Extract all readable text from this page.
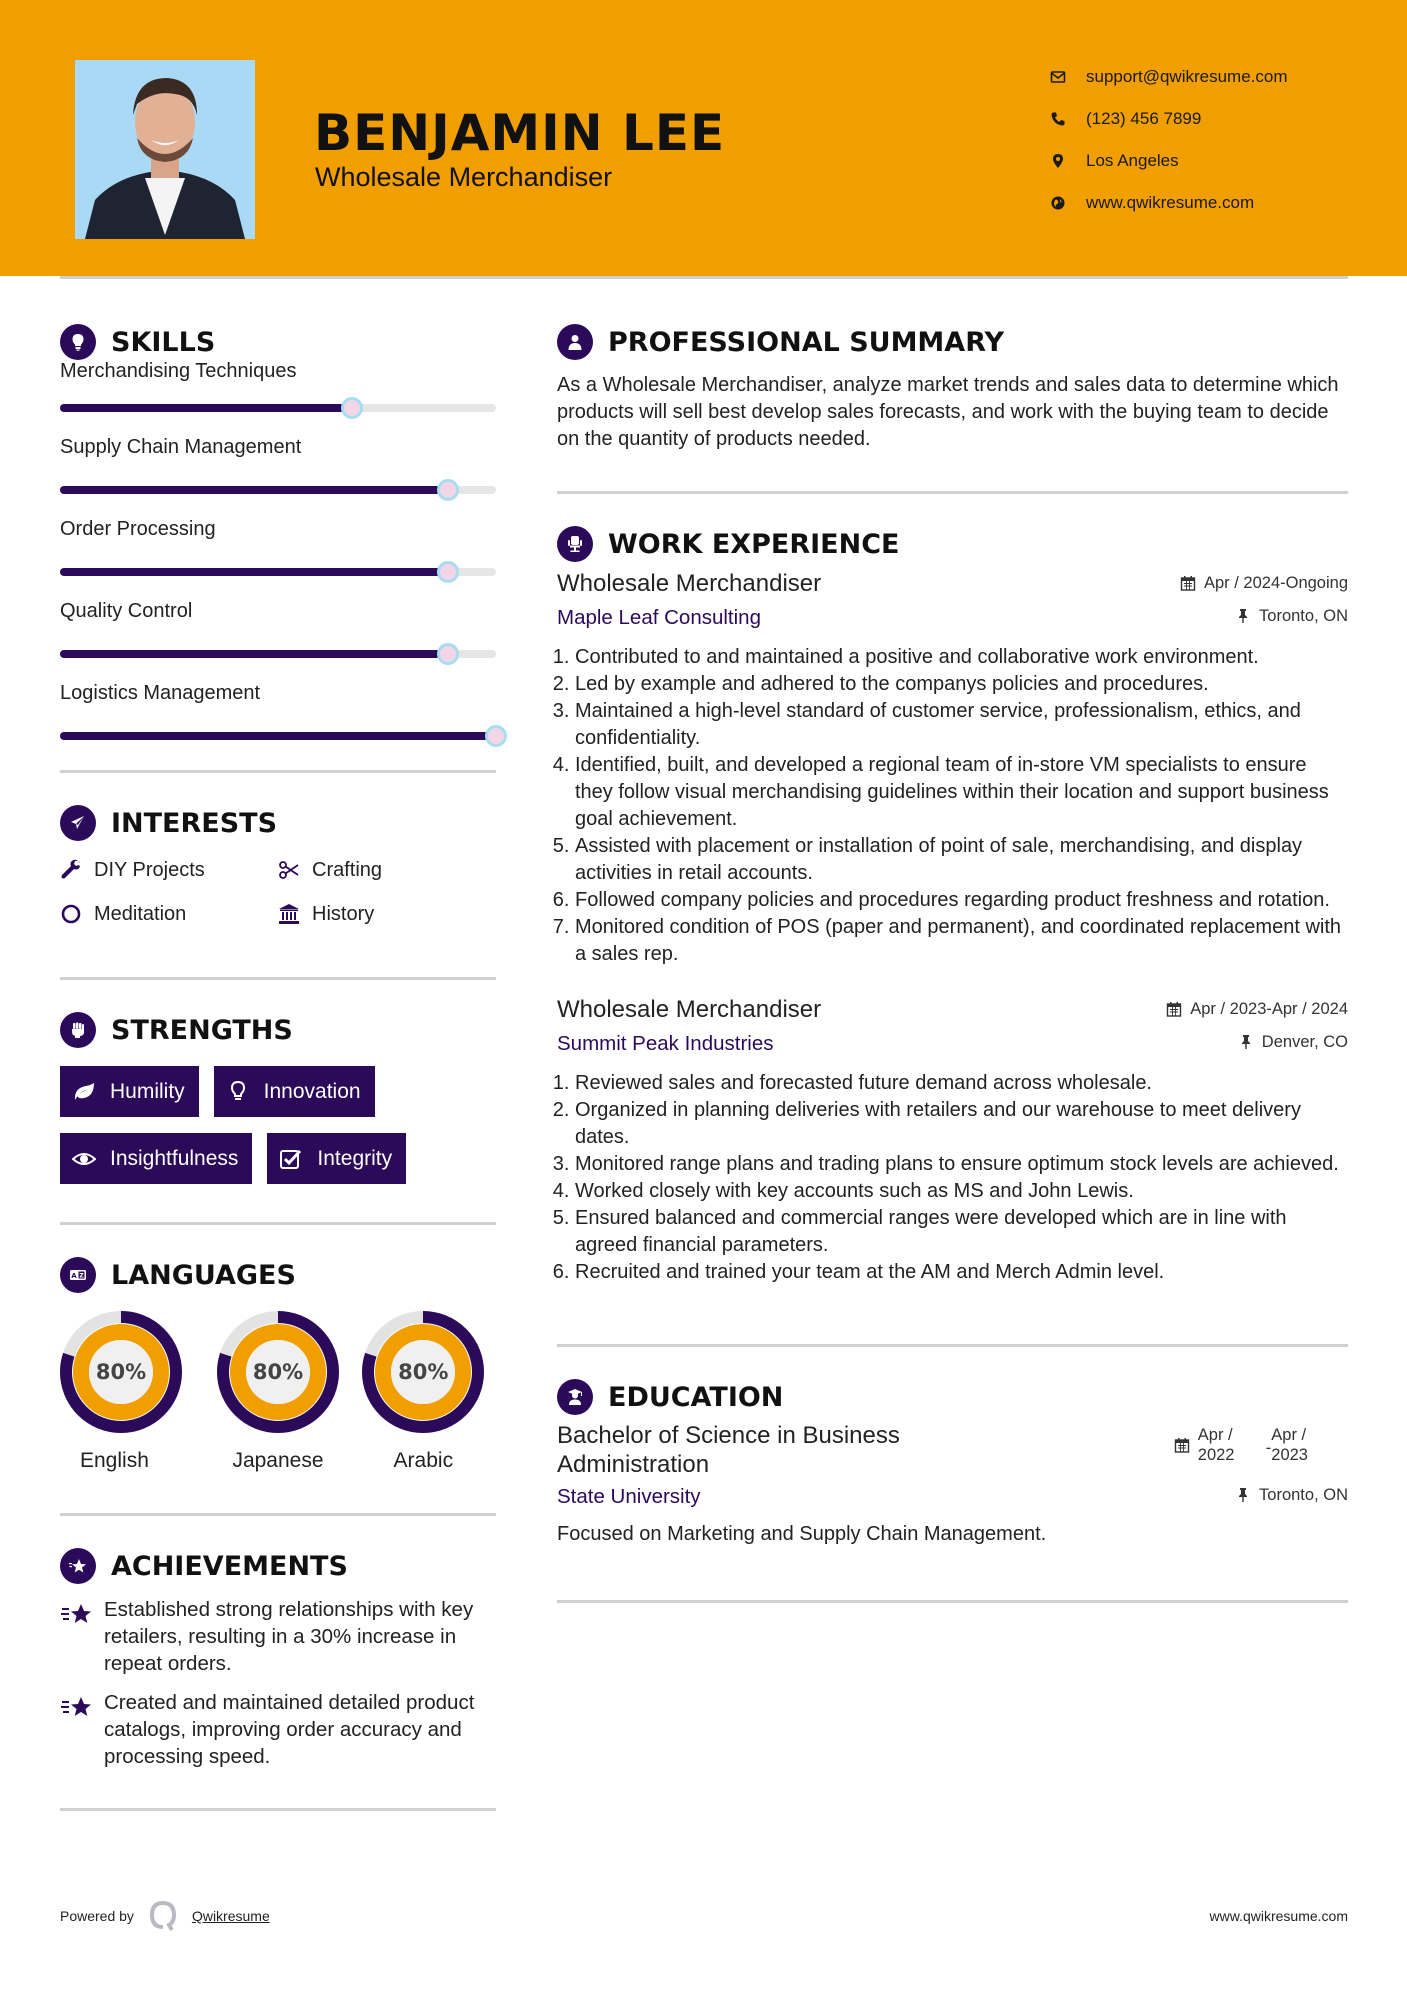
BENJAMIN LEE
Wholesale Merchandiser
support@qwikresume.com
(123) 456 7899
Los Angeles
www.qwikresume.com
SKILLS
Merchandising Techniques
Supply Chain Management
Order Processing
Quality Control
Logistics Management
INTERESTS
DIY Projects	Crafting
Meditation	History
STRENGTHS
Humility	Innovation
Insightfulness	Integrity
A Z LANGUAGES
80%
English
80%
Japanese
80%
Arabic
ACHIEVEMENTS
Established strong relationships with key retailers, resulting in a 30% increase in repeat orders.
Created and maintained detailed product catalogs, improving order accuracy and processing speed.
PROFESSIONAL SUMMARY

As a Wholesale Merchandiser, analyze market trends and sales data to determine which products will sell best develop sales forecasts, and work with the buying team to decide on the quantity of products needed.

WORK EXPERIENCE
Wholesale Merchandiser	Apr / 2024-Ongoing
Maple Leaf Consulting	Toronto, ON
1. Contributed to and maintained a positive and collaborative work environment.
2. Led by example and adhered to the companys policies and procedures.
3. Maintained a high-level standard of customer service, professionalism, ethics, and confidentiality.
4. Identified, built, and developed a regional team of in-store VM specialists to ensure they follow visual merchandising guidelines within their location and support business goal achievement.
5. Assisted with placement or installation of point of sale, merchandising, and display activities in retail accounts.
6. Followed company policies and procedures regarding product freshness and rotation.
7. Monitored condition of POS (paper and permanent), and coordinated replacement with a sales rep.
Wholesale Merchandiser	Apr / 2023-Apr / 2024
Summit Peak Industries	Denver, CO
1. Reviewed sales and forecasted future demand across wholesale.
2. Organized in planning deliveries with retailers and our warehouse to meet delivery dates.
3. Monitored range plans and trading plans to ensure optimum stock levels are achieved.
4. Worked closely with key accounts such as MS and John Lewis.
5. Ensured balanced and commercial ranges were developed which are in line with agreed financial parameters.
6. Recruited and trained your team at the AM and Merch Admin level.
EDUCATION
Bachelor of Science in Business Administration
Apr /
2022	-
Apr /
2023
State University	Toronto, ON

Focused on Marketing and Supply Chain Management.

Powered by	Qwikresume	www.qwikresume.com
